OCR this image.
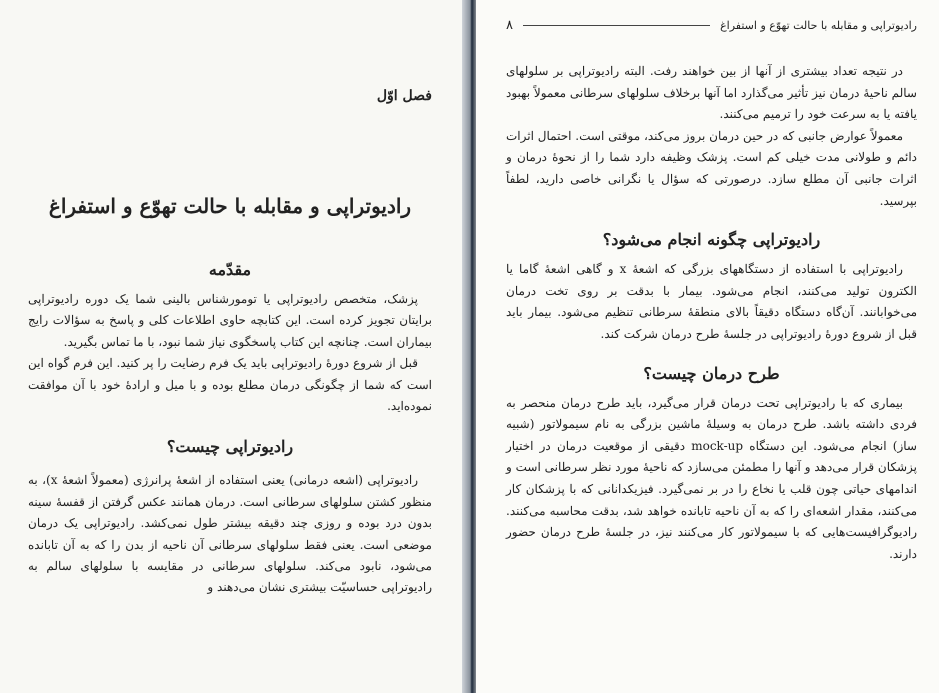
فصل اوّل
رادیوتراپی و مقابله با حالت تهوّع و استفراغ
مقدّمه

پزشک، متخصص رادیوتراپی یا تومورشناس بالینی شما یک دوره رادیوتراپی برایتان تجویز کرده است. این کتابچه حاوی اطلاعات کلی و پاسخ به سؤالات رایج بیماران است. چنانچه این کتاب پاسخگوی نیاز شما نبود، با ما تماس بگیرید.

قبل از شروع دورهٔ رادیوتراپی باید یک فرم رضایت را پر کنید. این فرم گواه این است که شما از چگونگی درمان مطلع بوده و با میل و ارادهٔ خود با آن موافقت نموده‌اید.

رادیوتراپی چیست؟

رادیوتراپی (اشعه درمانی) یعنی استفاده از اشعهٔ پرانرژی (معمولاً اشعهٔ x)، به منظور کشتن سلولهای سرطانی است. درمان همانند عکس گرفتن از قفسهٔ سینه بدون درد بوده و روزی چند دقیقه بیشتر طول نمی‌کشد. رادیوتراپی یک درمان موضعی است. یعنی فقط سلولهای سرطانی آن ناحیه از بدن را که به آن تابانده می‌شود، نابود می‌کند. سلولهای سرطانی در مقایسه با سلولهای سالم به رادیوتراپی حساسیّت بیشتری نشان می‌دهند و

رادیوتراپی و مقابله با حالت تهوّع و استفراغ
۸

در نتیجه تعداد بیشتری از آنها از بین خواهند رفت. البته رادیوتراپی بر سلولهای سالم ناحیهٔ درمان نیز تأثیر می‌گذارد اما آنها برخلاف سلولهای سرطانی معمولاً بهبود یافته یا به سرعت خود را ترمیم می‌کنند.

معمولاً عوارض جانبی که در حین درمان بروز می‌کند، موقتی است. احتمال اثرات دائم و طولانی مدت خیلی کم است. پزشک وظیفه دارد شما را از نحوهٔ درمان و اثرات جانبی آن مطلع سازد. درصورتی که سؤال یا نگرانی خاصی دارید، لطفاً بپرسید.

رادیوتراپی چگونه انجام می‌شود؟

رادیوتراپی با استفاده از دستگاههای بزرگی که اشعهٔ x و گاهی اشعهٔ گاما یا الکترون تولید می‌کنند، انجام می‌شود. بیمار با بدقت بر روی تخت درمان می‌خوابانند. آن‌گاه دستگاه دقیقاً بالای منطقهٔ سرطانی تنظیم می‌شود. بیمار باید قبل از شروع دورهٔ رادیوتراپی در جلسهٔ طرح درمان شرکت کند.

طرح درمان چیست؟

بیماری که با رادیوتراپی تحت درمان قرار می‌گیرد، باید طرح درمان منحصر به فردی داشته باشد. طرح درمان به وسیلهٔ ماشین بزرگی به نام سیمولاتور (شبیه ساز) انجام می‌شود. این دستگاه mock-up دقیقی از موقعیت درمان در اختیار پزشکان قرار می‌دهد و آنها را مطمئن می‌سازد که ناحیهٔ مورد نظر سرطانی است و اندامهای حیاتی چون قلب یا نخاع را در بر نمی‌گیرد. فیزیکدانانی که با پزشکان کار می‌کنند، مقدار اشعه‌ای را که به آن ناحیه تابانده خواهد شد، بدقت محاسبه می‌کنند. رادیوگرافیست‌هایی که با سیمولاتور کار می‌کنند نیز، در جلسهٔ طرح درمان حضور دارند.
